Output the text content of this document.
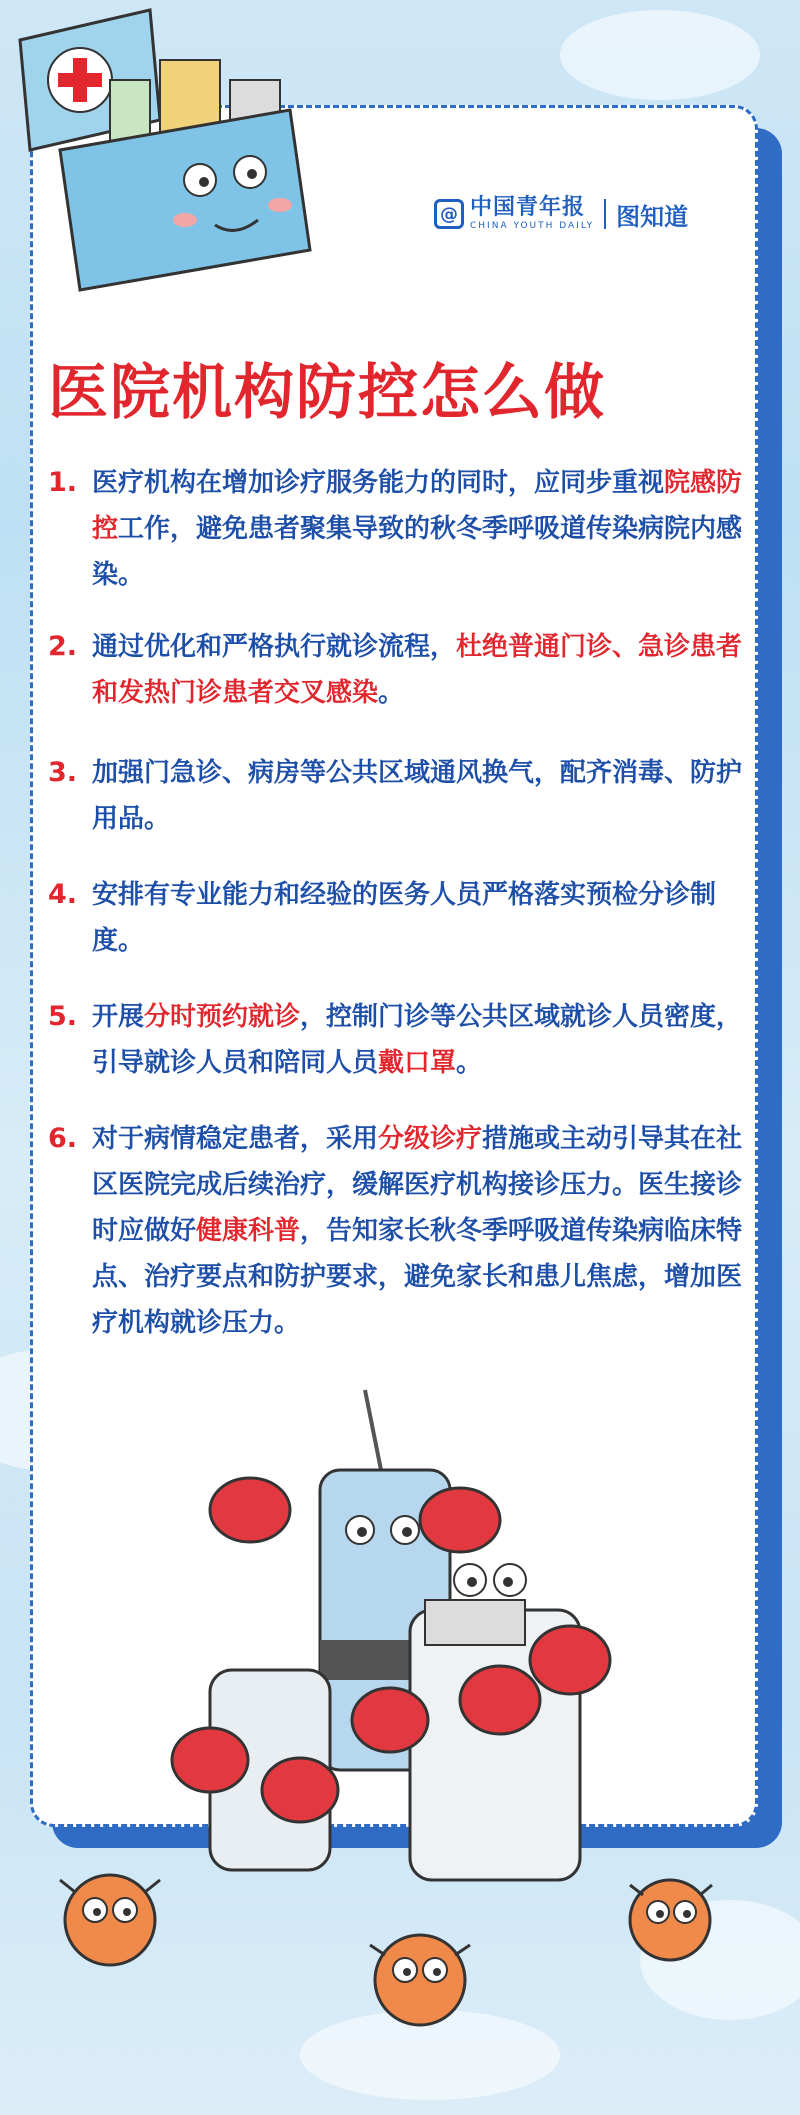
@ 中国青年报
CHINA YOUTH DAILY 图知道
医院机构防控怎么做
1. 医疗机构在增加诊疗服务能力的同时，应同步重视院感防控工作，避免患者聚集导致的秋冬季呼吸道传染病院内感染。
2. 通过优化和严格执行就诊流程，杜绝普通门诊、急诊患者和发热门诊患者交叉感染。
3. 加强门急诊、病房等公共区域通风换气，配齐消毒、防护用品。
4. 安排有专业能力和经验的医务人员严格落实预检分诊制度。
5. 开展分时预约就诊，控制门诊等公共区域就诊人员密度，引导就诊人员和陪同人员戴口罩。
6. 对于病情稳定患者，采用分级诊疗措施或主动引导其在社区医院完成后续治疗，缓解医疗机构接诊压力。医生接诊时应做好健康科普，告知家长秋冬季呼吸道传染病临床特点、治疗要点和防护要求，避免家长和患儿焦虑，增加医疗机构就诊压力。
